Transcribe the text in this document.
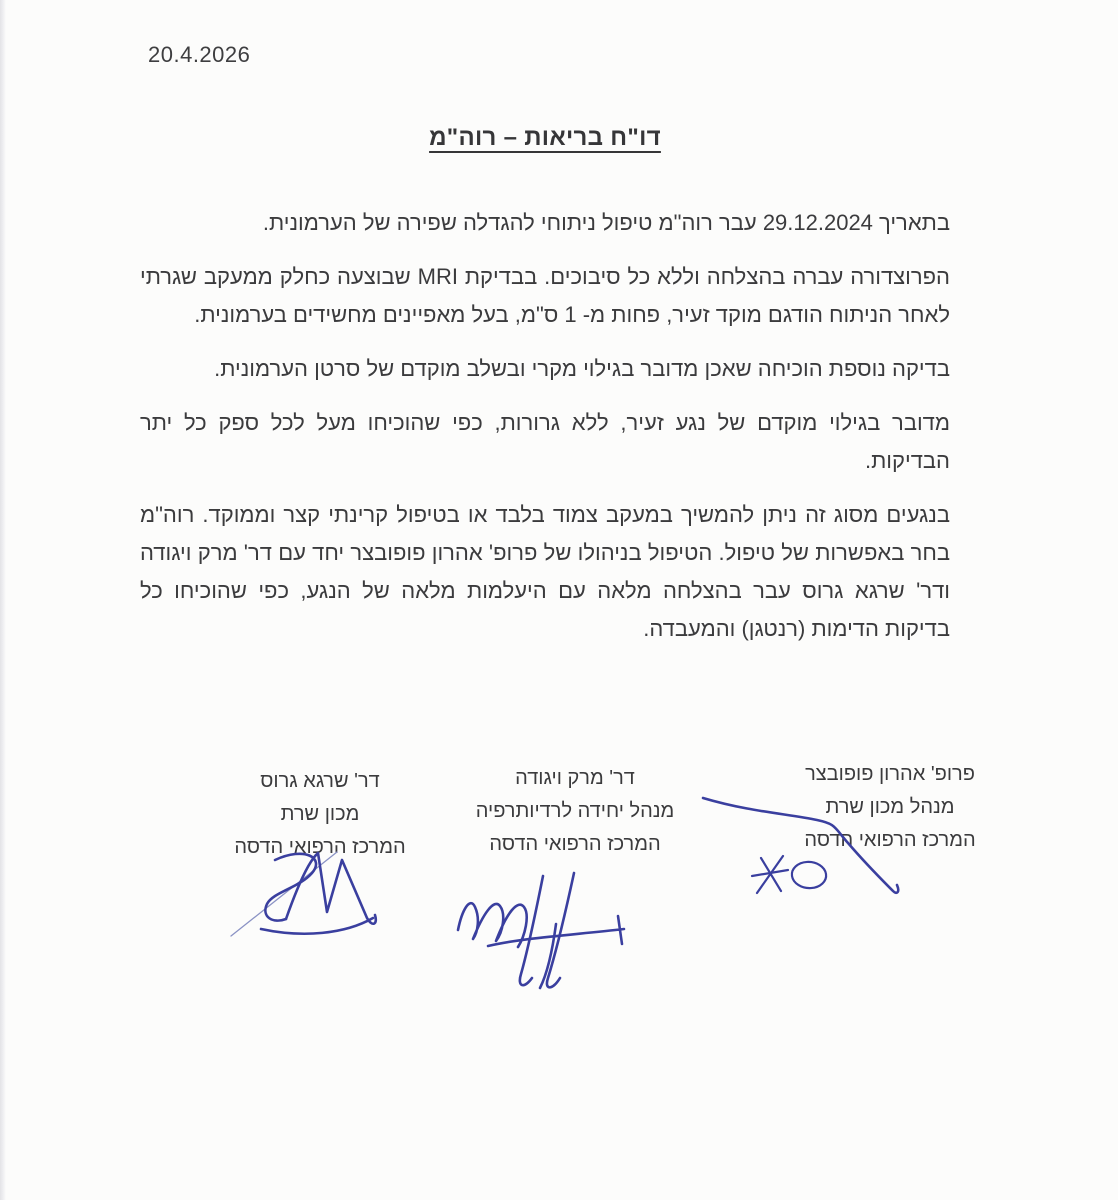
20.4.2026
דו"ח בריאות – רוה"מ

בתאריך 29.12.2024 עבר רוה"מ טיפול ניתוחי להגדלה שפירה של הערמונית.

הפרוצדורה עברה בהצלחה וללא כל סיבוכים. בבדיקת MRI שבוצעה כחלק ממעקב שגרתי לאחר הניתוח הודגם מוקד זעיר, פחות מ- 1 ס"מ, בעל מאפיינים מחשידים בערמונית.

בדיקה נוספת הוכיחה שאכן מדובר בגילוי מקרי ובשלב מוקדם של סרטן הערמונית.

מדובר בגילוי מוקדם של נגע זעיר, ללא גרורות, כפי שהוכיחו מעל לכל ספק כל יתר הבדיקות.

בנגעים מסוג זה ניתן להמשיך במעקב צמוד בלבד או בטיפול קרינתי קצר וממוקד. רוה"מ בחר באפשרות של טיפול. הטיפול בניהולו של פרופ' אהרון פופובצר יחד עם דר' מרק ויגודה ודר' שרגא גרוס עבר בהצלחה מלאה עם היעלמות מלאה של הנגע, כפי שהוכיחו כל בדיקות הדימות (רנטגן) והמעבדה.

פרופ' אהרון פופובצר
מנהל מכון שרת
המרכז הרפואי הדסה
דר' מרק ויגודה
מנהל יחידה לרדיותרפיה
המרכז הרפואי הדסה
דר' שרגא גרוס
מכון שרת
המרכז הרפואי הדסה
